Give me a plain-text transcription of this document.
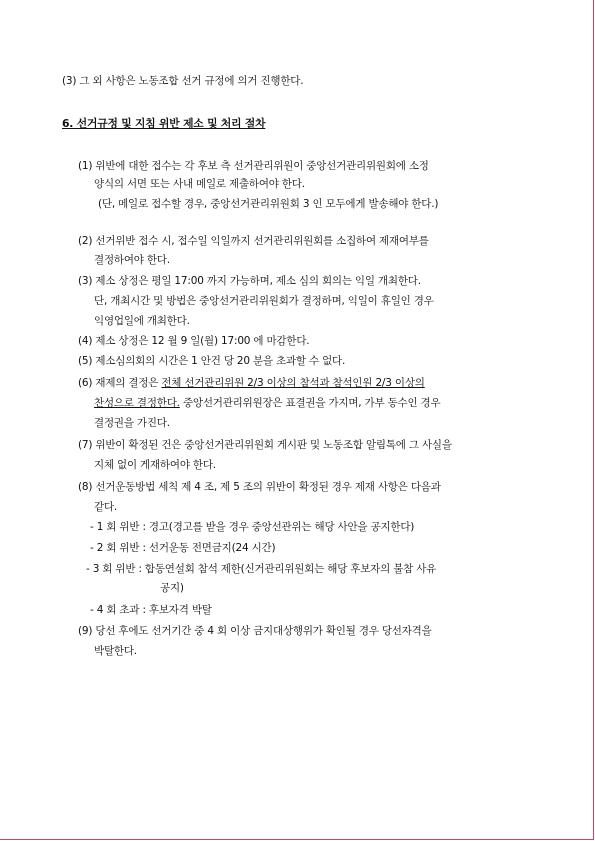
(3) 그 외 사항은 노동조합 선거 규정에 의거 진행한다.
6. 선거규정 및 지침 위반 제소 및 처리 절차
(1) 위반에 대한 접수는 각 후보 측 선거관리위원이 중앙선거관리위원회에 소정
양식의 서면 또는 사내 메일로 제출하여야 한다.
(단, 메일로 접수할 경우, 중앙선거관리위원회 3 인 모두에게 발송해야 한다.)
(2) 선거위반 접수 시, 접수일 익일까지 선거관리위원회를 소집하여 제재여부를
결정하여야 한다.
(3) 제소 상정은 평일 17:00 까지 가능하며, 제소 심의 회의는 익일 개최한다.
단, 개최시간 및 방법은 중앙선거관리위원회가 결정하며, 익일이 휴일인 경우
익영업일에 개최한다.
(4) 제소 상정은 12 월 9 일(월) 17:00 에 마감한다.
(5) 제소심의회의 시간은 1 안건 당 20 분을 초과할 수 없다.
(6) 재제의 결정은 전체 선거관리위원 2/3 이상의 참석과 참석인원 2/3 이상의
찬성으로 결정한다. 중앙선거관리위원장은 표결권을 가지며, 가부 동수인 경우
결정권을 가진다.
(7) 위반이 확정된 건은 중앙선거관리위원회 게시판 및 노동조합 알림톡에 그 사실을
지체 없이 게재하여야 한다.
(8) 선거운동방법 세칙 제 4 조, 제 5 조의 위반이 확정된 경우 제재 사항은 다음과
같다.
- 1 회 위반 : 경고(경고를 받을 경우 중앙선관위는 해당 사안을 공지한다)
- 2 회 위반 : 선거운동 전면금지(24 시간)
- 3 회 위반 : 합동연설회 참석 제한(신거관리위원회는 해당 후보자의 불참 사유
공지)
- 4 회 초과 : 후보자격 박탈
(9) 당선 후에도 선거기간 중 4 회 이상 금지대상행위가 확인될 경우 당선자격을
박탈한다.
